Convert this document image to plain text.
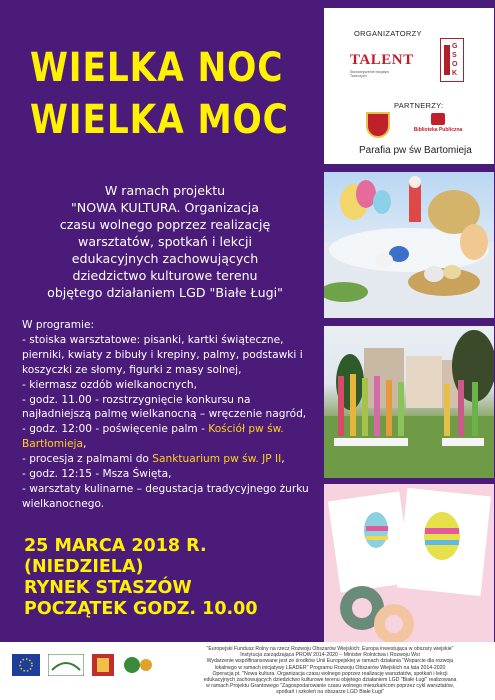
WIELKA NOC
WIELKA MOC
W ramach projektu
"NOWA KULTURA. Organizacja
czasu wolnego poprzez realizację
warsztatów, spotkań i lekcji
edukacyjnych zachowujących
dziedzictwo kulturowe terenu
objętego działaniem LGD "Białe Ługi"
W programie:
- stoiska warsztatowe: pisanki, kartki świąteczne, pierniki, kwiaty z bibuły i krepiny, palmy, podstawki i koszyczki ze słomy, figurki z masy solnej,
- kiermasz ozdób wielkanocnych,
- godz. 11.00 - rozstrzygnięcie konkursu na najładniejszą palmę wielkanocną – wręczenie nagród,
- godz. 12:00 - poświęcenie palm - Kościół pw św. Bartłomieja,
- procesja z palmami do Sanktuarium pw św. JP II,
- godz. 12:15 - Msza Święta,
- warsztaty kulinarne – degustacja tradycyjnego żurku wielkanocnego.
25 MARCA 2018 R.
(NIEDZIELA)
RYNEK STASZÓW
POCZĄTEK GODZ. 10.00
ORGANIZATORZY
TALENT
Stowarzyszenie Inicjatyw Twórczych
G
S
O
K
PARTNERZY:
Biblioteka Publiczna
Parafia pw św Bartomieja
"Europejski Fundusz Rolny na rzecz Rozwoju Obszarów Wiejskich: Europa inwestująca w obszary wiejskie"
Instytucja zarządzająca PROW 2014-2020 – Minister Rolnictwa i Rozwoju Wsi
Wydarzenie współfinansowane jest ze środków Unii Europejskiej w ramach działania "Wsparcie dla rozwoju
lokalnego w ramach inicjatywy LEADER" Programu Rozwoju Obszarów Wiejskich na lata 2014-2020
Operacja pt. "Nowa kultura. Organizacja czasu wolnego poprzez realizację warsztatów, spotkań i lekcji
edukacyjnych zachowujących dziedzictwo kulturowe terenu objętego działaniem LGD "Białe Ługi" realizowana
w ramach Projektu Grantowego "Zagospodarowanie czasu wolnego mieszkańcom poprzez cykl warsztatów,
spotkań i szkoleń na obszarze LGD Białe Ługi"
